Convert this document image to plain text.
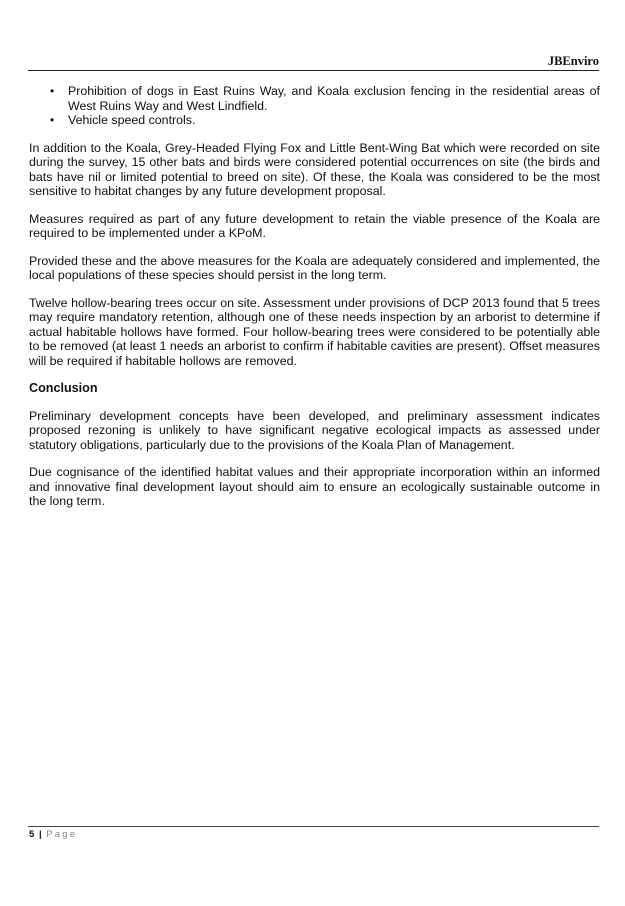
JBEnviro
• Prohibition of dogs in East Ruins Way, and Koala exclusion fencing in the residential areas of West Ruins Way and West Lindfield.
• Vehicle speed controls.

In addition to the Koala, Grey-Headed Flying Fox and Little Bent-Wing Bat which were recorded on site during the survey, 15 other bats and birds were considered potential occurrences on site (the birds and bats have nil or limited potential to breed on site). Of these, the Koala was considered to be the most sensitive to habitat changes by any future development proposal.

Measures required as part of any future development to retain the viable presence of the Koala are required to be implemented under a KPoM.

Provided these and the above measures for the Koala are adequately considered and implemented, the local populations of these species should persist in the long term.

Twelve hollow-bearing trees occur on site. Assessment under provisions of DCP 2013 found that 5 trees may require mandatory retention, although one of these needs inspection by an arborist to determine if actual habitable hollows have formed. Four hollow-bearing trees were considered to be potentially able to be removed (at least 1 needs an arborist to confirm if habitable cavities are present). Offset measures will be required if habitable hollows are removed.

Conclusion

Preliminary development concepts have been developed, and preliminary assessment indicates proposed rezoning is unlikely to have significant negative ecological impacts as assessed under statutory obligations, particularly due to the provisions of the Koala Plan of Management.

Due cognisance of the identified habitat values and their appropriate incorporation within an informed and innovative final development layout should aim to ensure an ecologically sustainable outcome in the long term.

5 | Page
